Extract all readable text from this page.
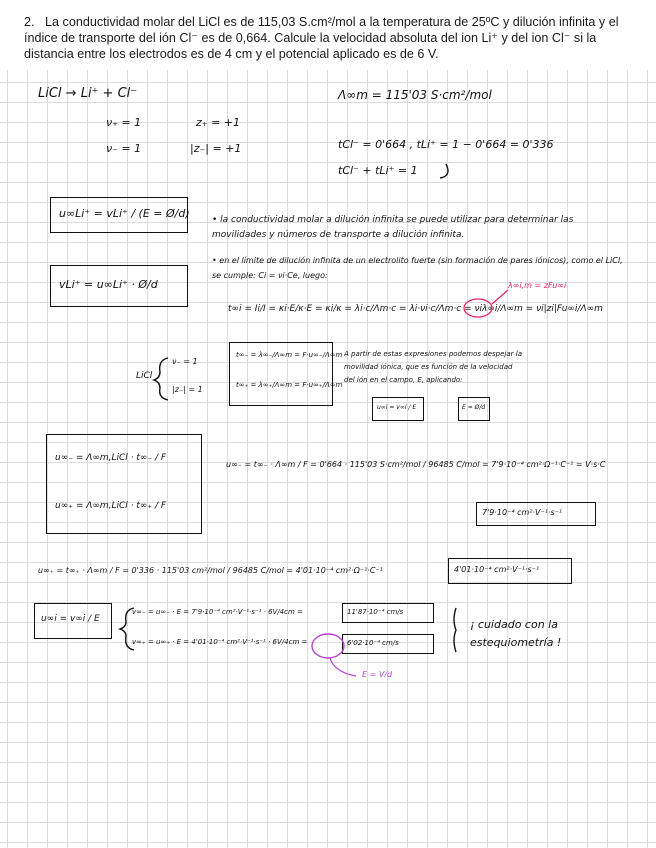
2. La conductividad molar del LiCl es de 115,03 S.cm²/mol a la temperatura de 25ºC y dilución infinita y el índice de transporte del ión Cl⁻ es de 0,664. Calcule la velocidad absoluta del ion Li⁺ y del ion Cl⁻ si la distancia entre los electrodos es de 4 cm y el potencial aplicado es de 6 V.

LiCl → Li⁺ + Cl⁻
ν₊ = 1	z₊ = +1
ν₋ = 1	|z₋| = +1
Λ∞m = 115'03 S·cm²/mol
tCl⁻ = 0'664 , tLi⁺ = 1 − 0'664 = 0'336
tCl⁻ + tLi⁺ = 1
u∞Li⁺ = vLi⁺ / (E = Ø/d)
vLi⁺ = u∞Li⁺ · Ø/d
• la conductividad molar a dilución infinita se puede utilizar para determinar las movilidades y números de transporte a dilución infinita.
• en el límite de dilución infinita de un electrolito fuerte (sin formación de pares iónicos), como el LiCl, se cumple: Ci = νi·Ce, luego:
t∞i = Ii/I = κi·E/κ·E = κi/κ = λi·c/Λm·c = λi·νi·c/Λm·c = νiλ∞i/Λ∞m = νi|zi|Fu∞i/Λ∞m
λ∞i,m = zFu∞i
LiCl
ν₋ = 1
|z₋| = 1
t∞₋ = λ∞₋/Λ∞m = F·u∞₋/Λ∞m
t∞₊ = λ∞₊/Λ∞m = F·u∞₊/Λ∞m
A partir de estas expresiones podemos despejar la movilidad iónica, que es función de la velocidad del ión en el campo, E, aplicando:
u∞i = v∞i / E	E = Ø/d
u∞₋ = Λ∞m,LiCl · t∞₋ / F
u∞₊ = Λ∞m,LiCl · t∞₊ / F
u∞₋ = t∞₋ · Λ∞m / F = 0'664 · 115'03 S·cm²/mol / 96485 C/mol = 7'9·10⁻⁴ cm²·Ω⁻¹·C⁻¹ = V·s·C
7'9·10⁻⁴ cm²·V⁻¹·s⁻¹
u∞₊ = t∞₊ · Λ∞m / F = 0'336 · 115'03 cm²/mol / 96485 C/mol = 4'01·10⁻⁴ cm²·Ω⁻¹·C⁻¹	4'01·10⁻⁴ cm²·V⁻¹·s⁻¹
u∞i = v∞i / E
v∞₋ = u∞₋ · E = 7'9·10⁻⁴ cm²·V⁻¹·s⁻¹ · 6V/4cm =	11'87·10⁻⁴ cm/s
v∞₊ = u∞₊ · E = 4'01·10⁻⁴ cm²·V⁻¹·s⁻¹ · 6V/4cm =	6'02·10⁻⁴ cm/s
E = V/d
¡ cuidado con la estequiometría !
